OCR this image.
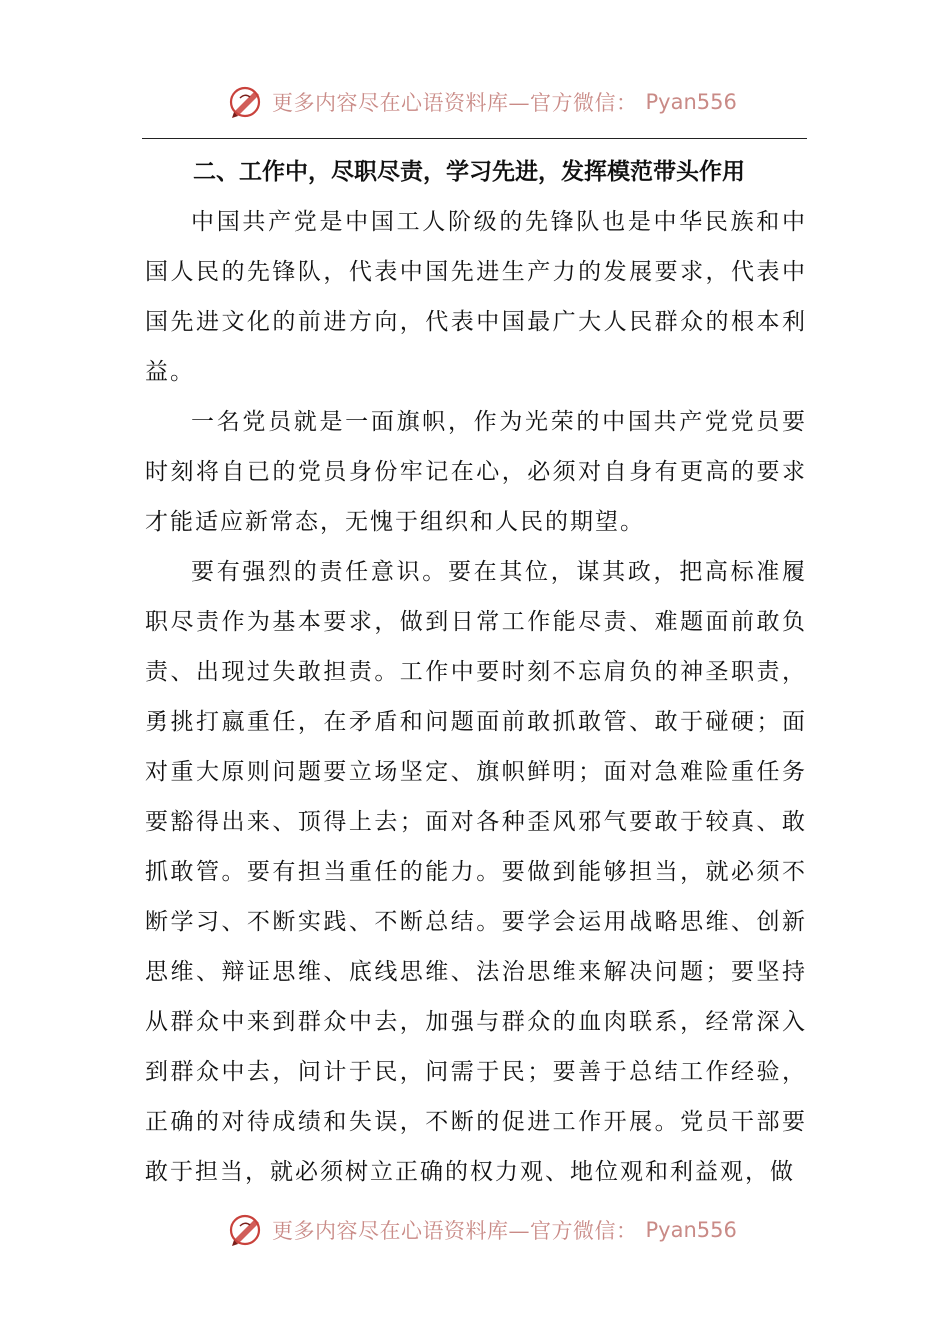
更多内容尽在心语资料库—官方微信： Pyan556

二、工作中，尽职尽责，学习先进，发挥模范带头作用

中国共产党是中国工人阶级的先锋队也是中华民族和中国人民的先锋队，代表中国先进生产力的发展要求，代表中国先进文化的前进方向，代表中国最广大人民群众的根本利益。

一名党员就是一面旗帜，作为光荣的中国共产党党员要时刻将自已的党员身份牢记在心，必须对自身有更高的要求才能适应新常态，无愧于组织和人民的期望。

要有强烈的责任意识。要在其位，谋其政，把高标准履职尽责作为基本要求，做到日常工作能尽责、难题面前敢负责、出现过失敢担责。工作中要时刻不忘肩负的神圣职责，勇挑打嬴重任，在矛盾和问题面前敢抓敢管、敢于碰硬；面对重大原则问题要立场坚定、旗帜鲜明；面对急难险重任务要豁得出来、顶得上去；面对各种歪风邪气要敢于较真、敢抓敢管。要有担当重任的能力。要做到能够担当，就必须不断学习、不断实践、不断总结。要学会运用战略思维、创新思维、辩证思维、底线思维、法治思维来解决问题；要坚持从群众中来到群众中去，加强与群众的血肉联系，经常深入到群众中去，问计于民，问需于民；要善于总结工作经验，正确的对待成绩和失误，不断的促进工作开展。党员干部要敢于担当，就必须树立正确的权力观、地位观和利益观，做

更多内容尽在心语资料库—官方微信： Pyan556
